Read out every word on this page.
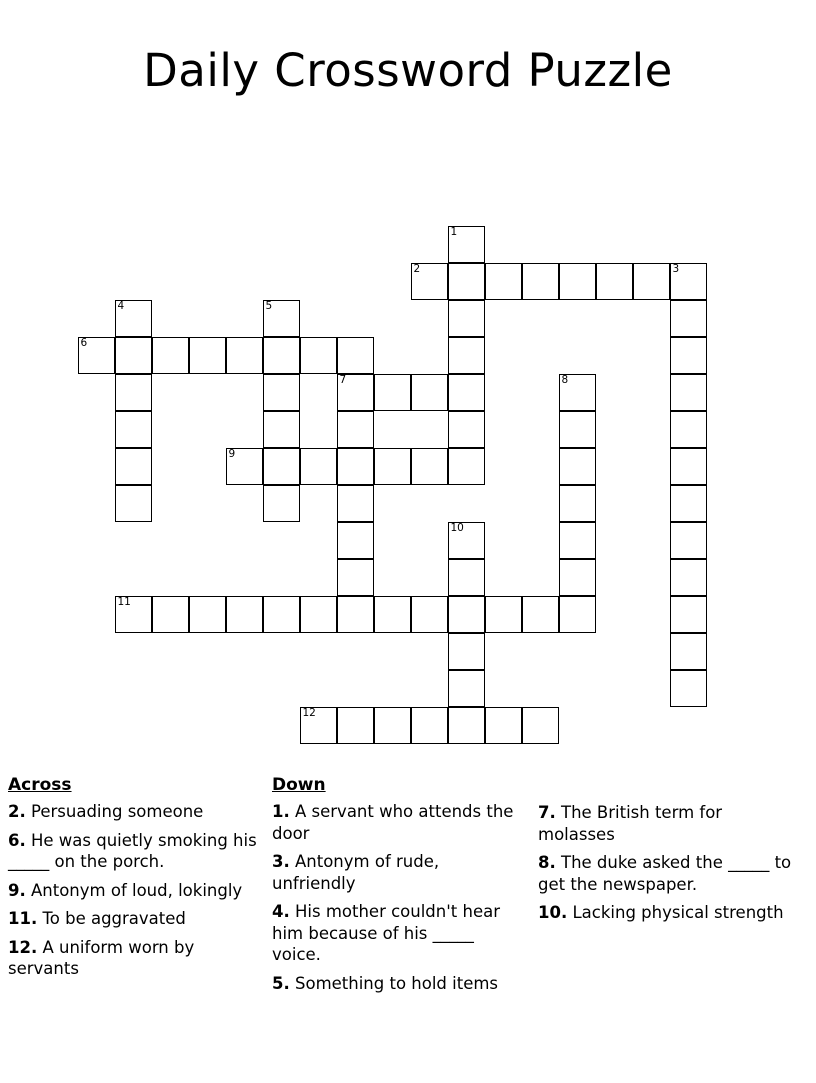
Daily Crossword Puzzle
1
3
2
4	5
6
7	8
9
10
11
12
Across
2. Persuading someone
6. He was quietly smoking his _____ on the porch.
9. Antonym of loud, lokingly
11. To be aggravated
12. A uniform worn by servants
Down
1. A servant who attends the door
3. Antonym of rude, unfriendly
4. His mother couldn't hear him because of his _____ voice.
5. Something to hold items
7. The British term for molasses
8. The duke asked the _____ to get the newspaper.
10. Lacking physical strength
